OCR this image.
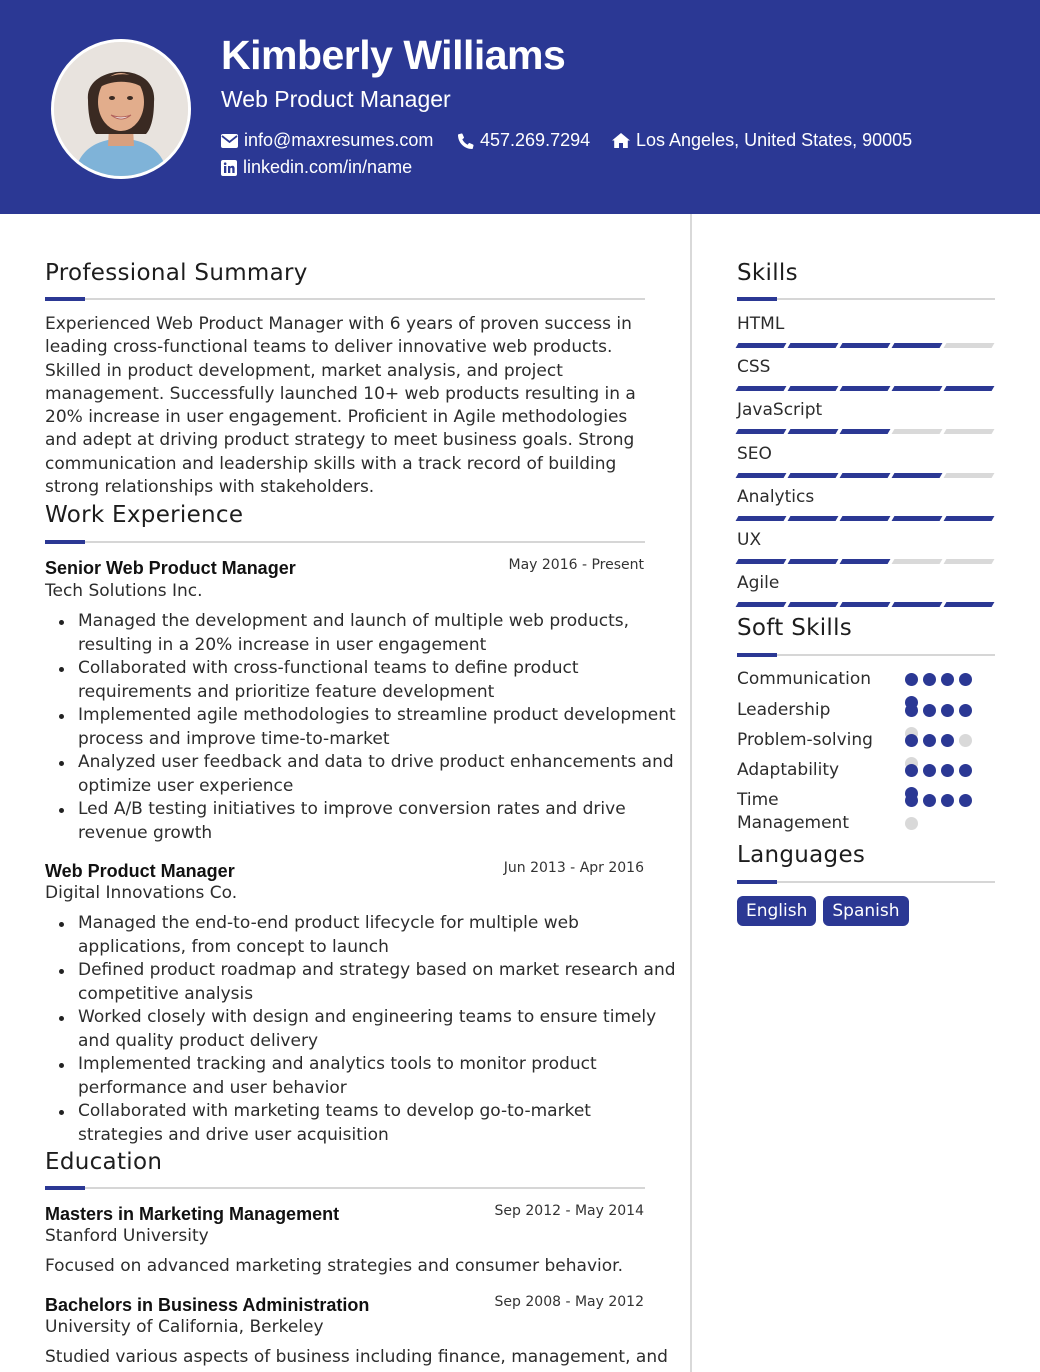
Kimberly Williams
Web Product Manager
info@maxresumes.com	457.269.7294	Los Angeles, United States, 90005
linkedin.com/in/name
Professional Summary
Experienced Web Product Manager with 6 years of proven success in leading cross-functional teams to deliver innovative web products. Skilled in product development, market analysis, and project management. Successfully launched 10+ web products resulting in a 20% increase in user engagement. Proficient in Agile methodologies and adept at driving product strategy to meet business goals. Strong communication and leadership skills with a track record of building strong relationships with stakeholders.
Work Experience
Senior Web Product Manager	May 2016 - Present
Tech Solutions Inc.
Managed the development and launch of multiple web products, resulting in a 20% increase in user engagement
Collaborated with cross-functional teams to define product requirements and prioritize feature development
Implemented agile methodologies to streamline product development process and improve time-to-market
Analyzed user feedback and data to drive product enhancements and optimize user experience
Led A/B testing initiatives to improve conversion rates and drive revenue growth
Web Product Manager	Jun 2013 - Apr 2016
Digital Innovations Co.
Managed the end-to-end product lifecycle for multiple web applications, from concept to launch
Defined product roadmap and strategy based on market research and competitive analysis
Worked closely with design and engineering teams to ensure timely and quality product delivery
Implemented tracking and analytics tools to monitor product performance and user behavior
Collaborated with marketing teams to develop go-to-market strategies and drive user acquisition
Education
Masters in Marketing Management	Sep 2012 - May 2014
Stanford University
Focused on advanced marketing strategies and consumer behavior.
Bachelors in Business Administration	Sep 2008 - May 2012
University of California, Berkeley
Studied various aspects of business including finance, management, and
Skills
HTML
CSS
JavaScript
SEO
Analytics
UX
Agile
Soft Skills
Communication
Leadership
Problem-solving
Adaptability
Time Management
Languages
English	Spanish
